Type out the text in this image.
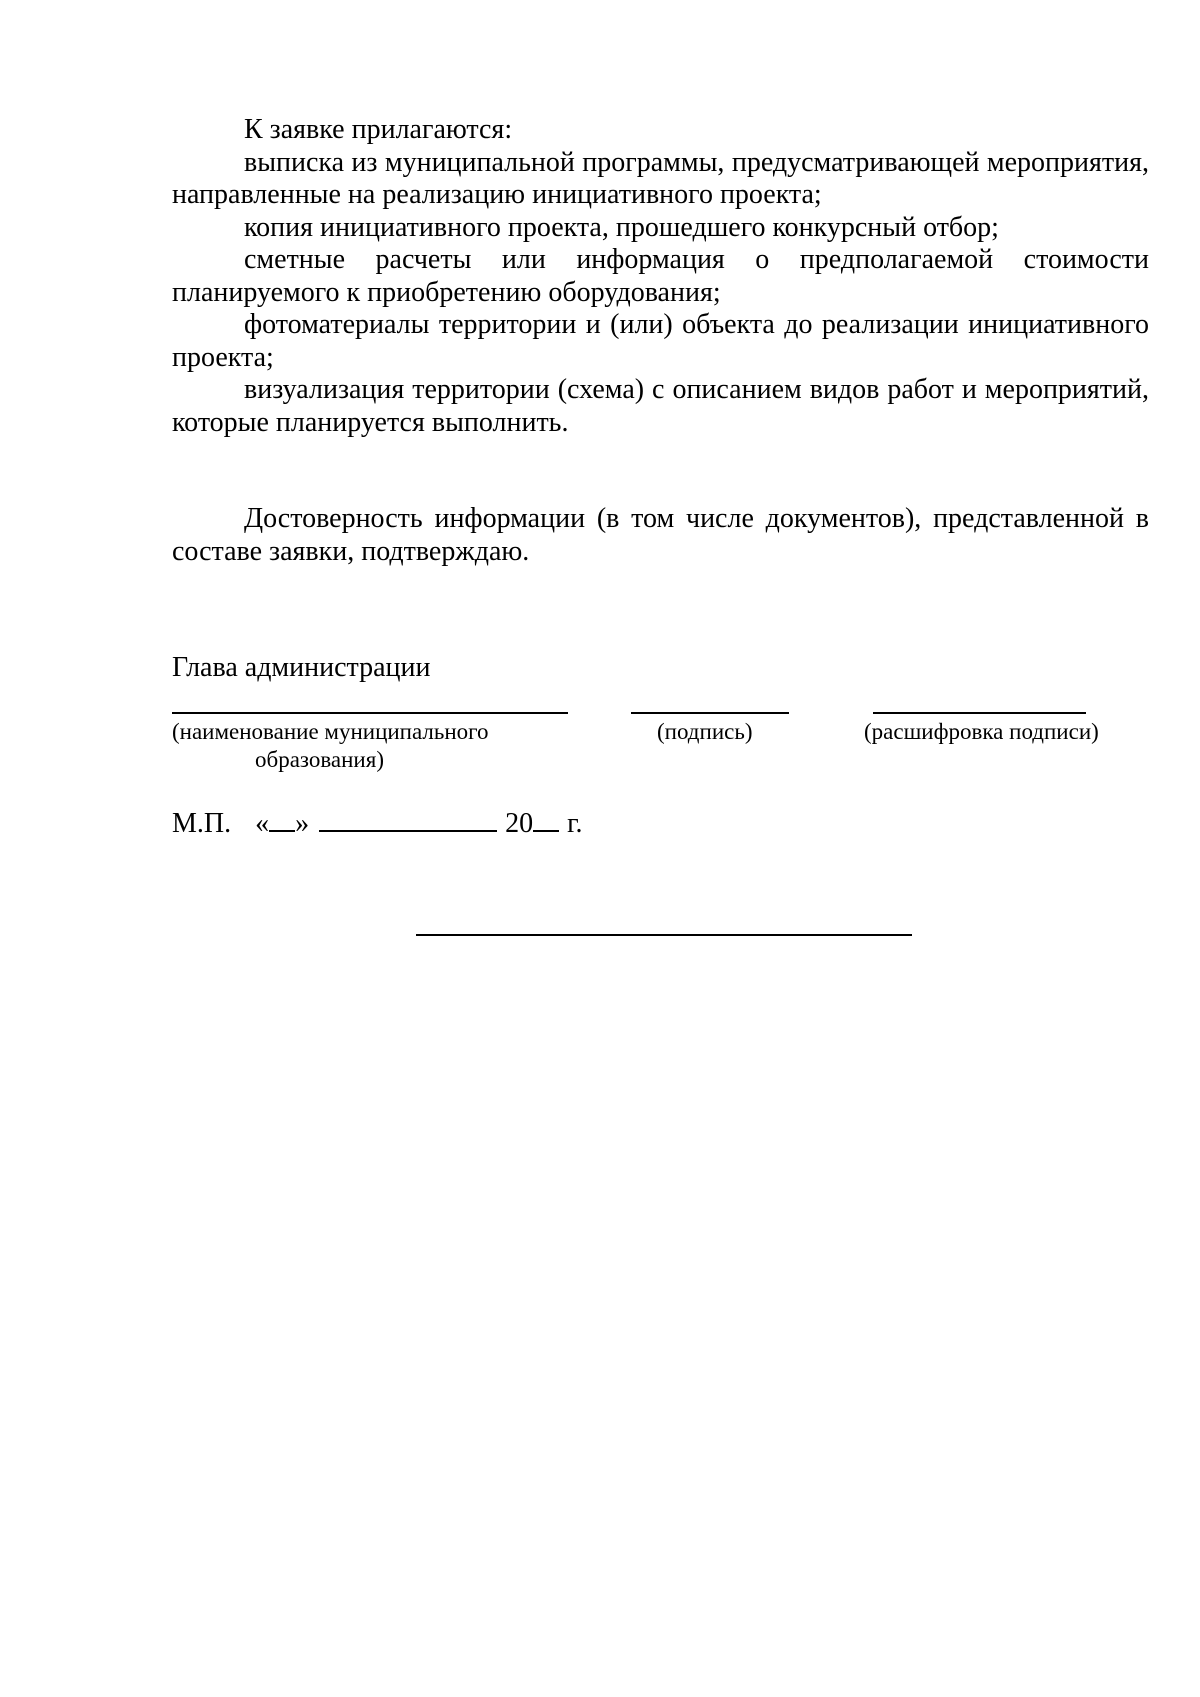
К заявке прилагаются:

выписка из муниципальной программы, предусматривающей мероприятия, направленные на реализацию инициативного проекта;

копия инициативного проекта, прошедшего конкурсный отбор;

сметные расчеты или информация о предполагаемой стоимости планируемого к приобретению оборудования;

фотоматериалы территории и (или) объекта до реализации инициативного проекта;

визуализация территории (схема) с описанием видов работ и мероприятий, которые планируется выполнить.

Достоверность информации (в том числе документов), представленной в составе заявки, подтверждаю.

Глава администрации
(наименование муниципального
образования)
(подпись)	(расшифровка подписи)
М.П. « »	20 г.
